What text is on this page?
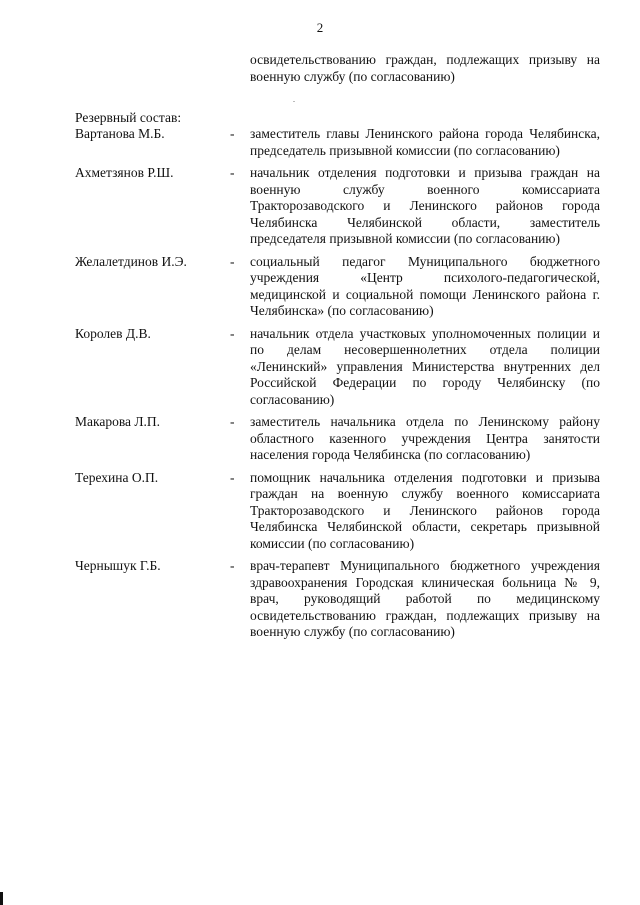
2
освидетельствованию граждан, подлежащих призыву на военную службу (по согласованию)
Резервный состав:
Вартанова М.Б.	-	заместитель главы Ленинского района города Челябинска, председатель призывной комиссии (по согласованию)
Ахметзянов Р.Ш.	-	начальник отделения подготовки и призыва граждан на военную службу военного комиссариата Тракторозаводского и Ленинского районов города Челябинска Челябинской области, заместитель председателя призывной комиссии (по согласованию)
Желалетдинов И.Э.	-	социальный педагог Муниципального бюджетного учреждения «Центр психолого-педагогической, медицинской и социальной помощи Ленинского района г. Челябинска» (по согласованию)
Королев Д.В.	-	начальник отдела участковых уполномоченных полиции и по делам несовершеннолетних отдела полиции «Ленинский» управления Министерства внутренних дел Российской Федерации по городу Челябинску (по согласованию)
Макарова Л.П.	-	заместитель начальника отдела по Ленинскому району областного казенного учреждения Центра занятости населения города Челябинска (по согласованию)
Терехина О.П.	-	помощник начальника отделения подготовки и призыва граждан на военную службу военного комиссариата Тракторозаводского и Ленинского районов города Челябинска Челябинской области, секретарь призывной комиссии (по согласованию)
Чернышук Г.Б.	-	врач-терапевт Муниципального бюджетного учреждения здравоохранения Городская клиническая больница № 9, врач, руководящий работой по медицинскому освидетельствованию граждан, подлежащих призыву на военную службу (по согласованию)
